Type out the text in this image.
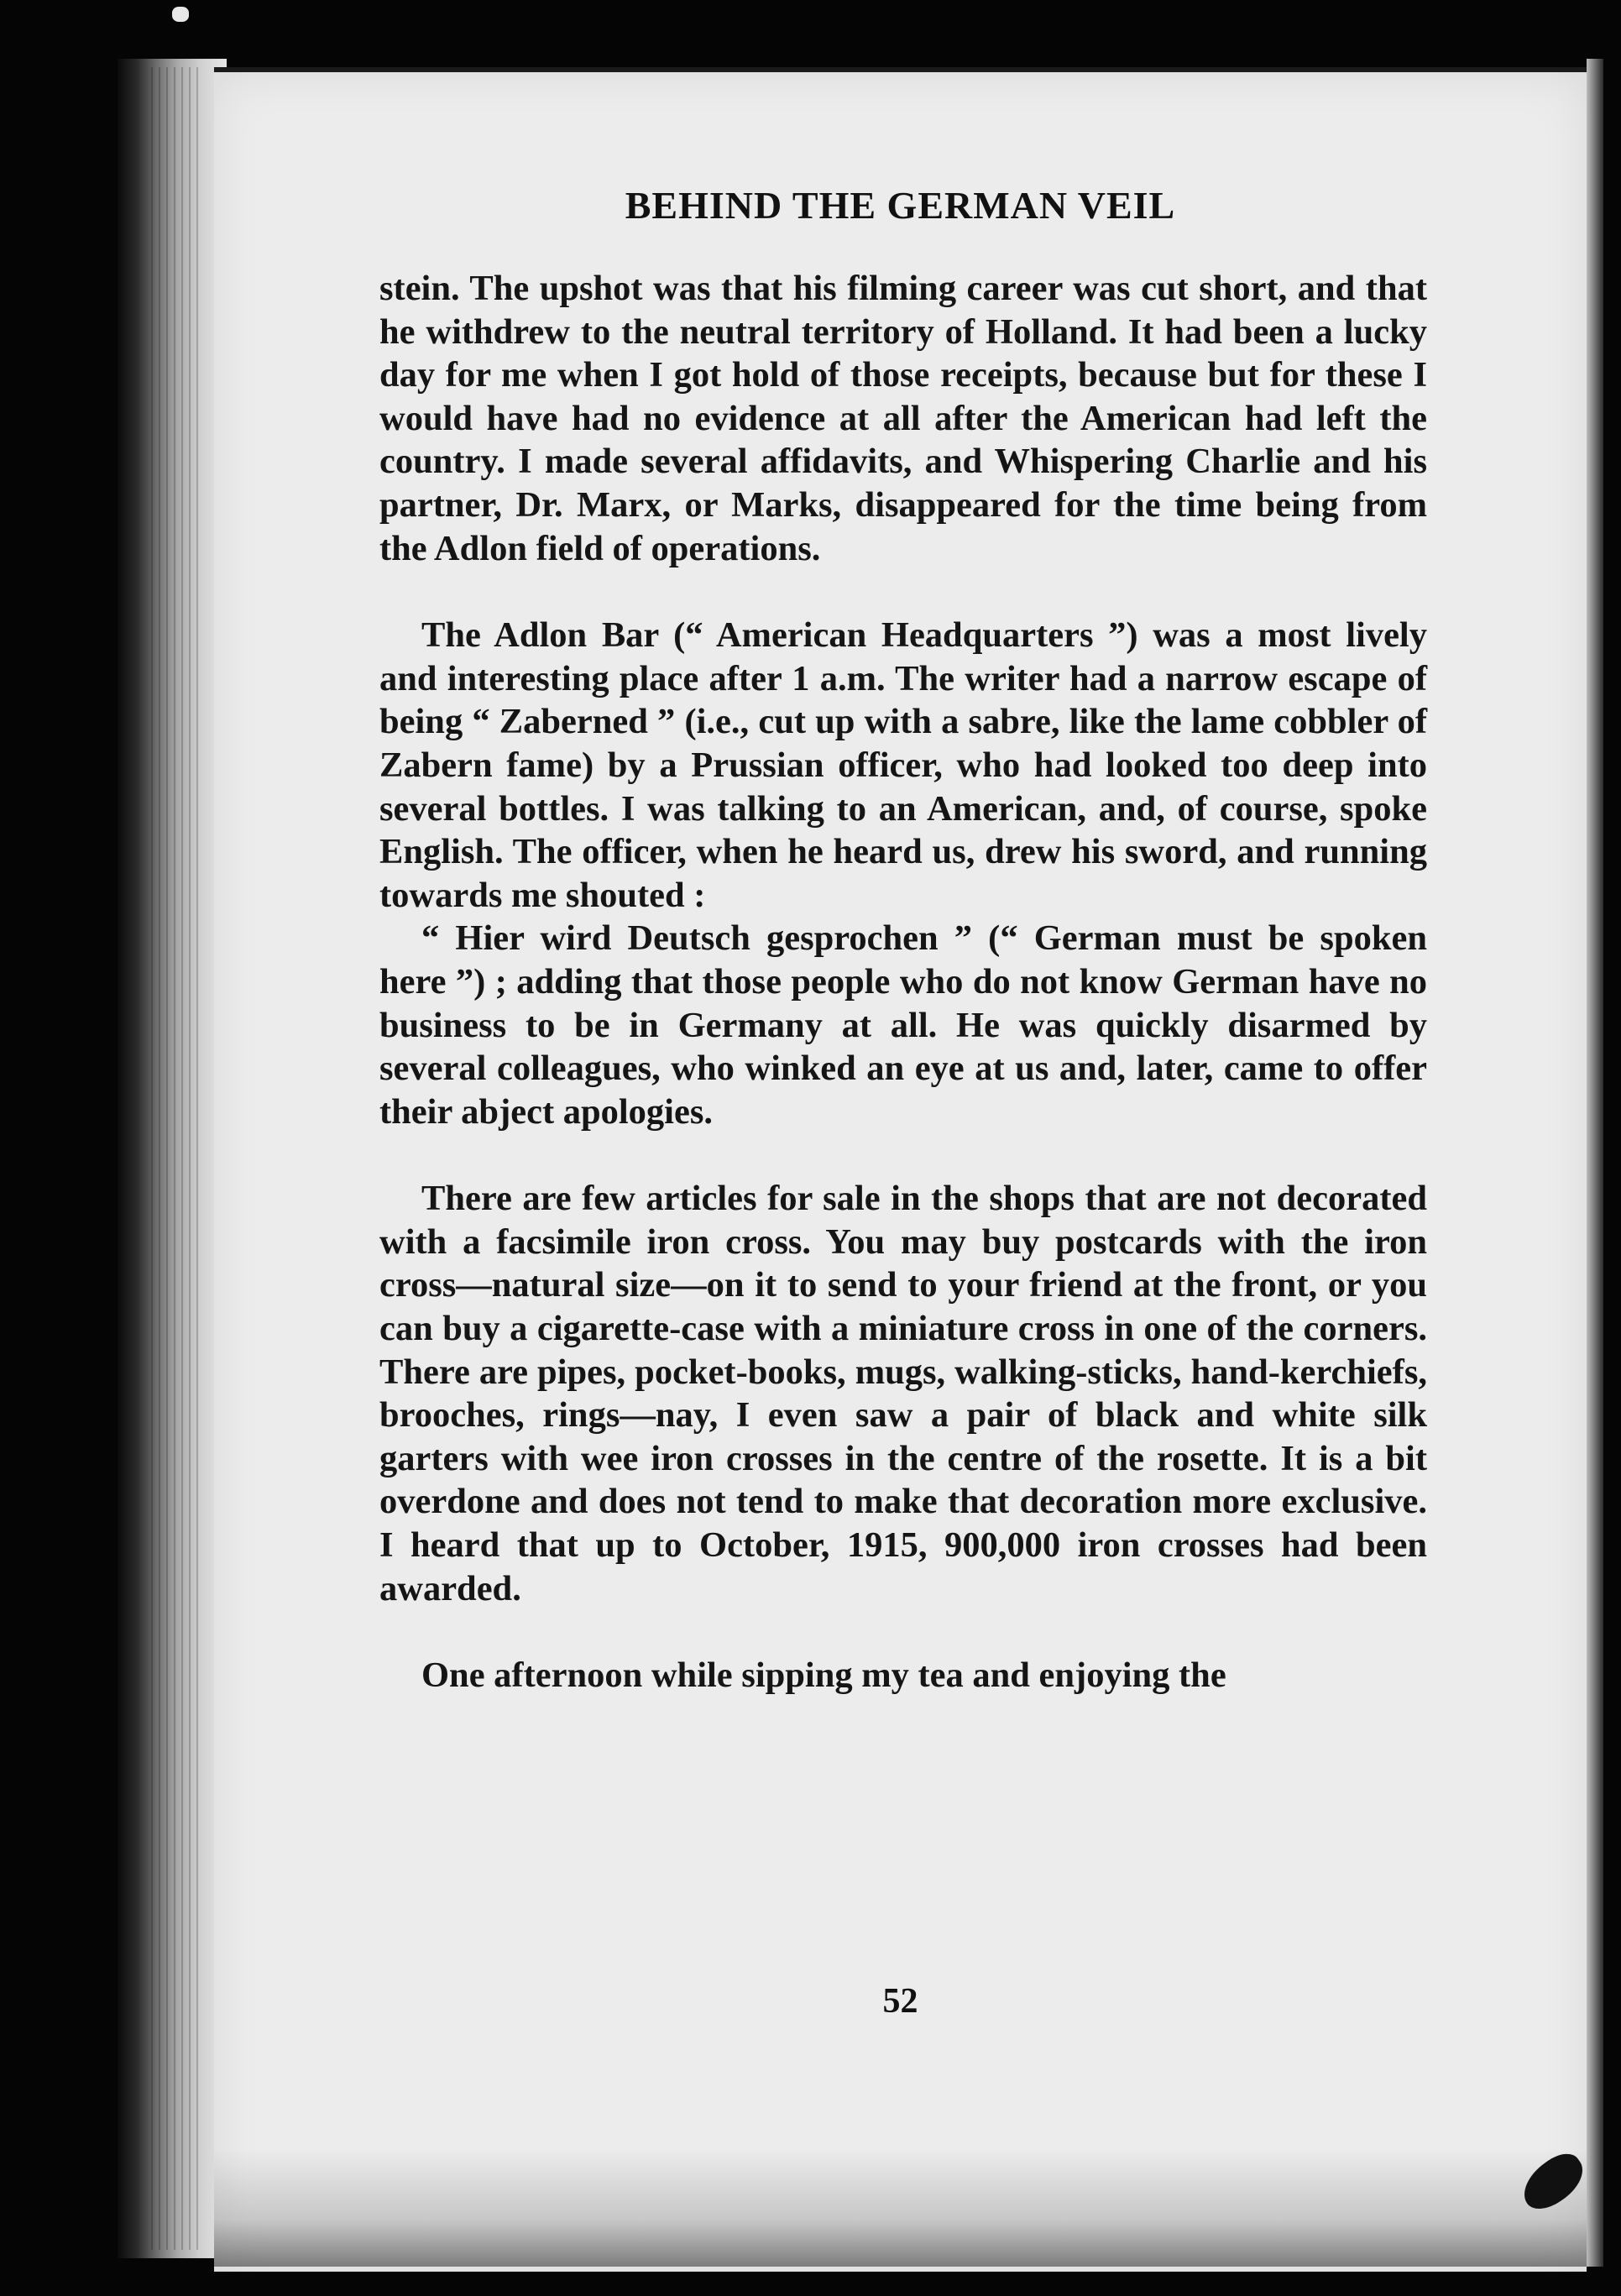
BEHIND THE GERMAN VEIL

stein. The upshot was that his filming career was cut short, and that he withdrew to the neutral territory of Holland. It had been a lucky day for me when I got hold of those receipts, because but for these I would have had no evidence at all after the American had left the country. I made several affidavits, and Whispering Charlie and his partner, Dr. Marx, or Marks, disappeared for the time being from the Adlon field of operations.

The Adlon Bar (“ American Headquarters ”) was a most lively and interesting place after 1 a.m. The writer had a narrow escape of being “ Zaberned ” (i.e., cut up with a sabre, like the lame cobbler of Zabern fame) by a Prussian officer, who had looked too deep into several bottles. I was talking to an American, and, of course, spoke English. The officer, when he heard us, drew his sword, and running towards me shouted :

“ Hier wird Deutsch gesprochen ” (“ German must be spoken here ”) ; adding that those people who do not know German have no business to be in Germany at all. He was quickly disarmed by several colleagues, who winked an eye at us and, later, came to offer their abject apologies.

There are few articles for sale in the shops that are not decorated with a facsimile iron cross. You may buy postcards with the iron cross—natural size—on it to send to your friend at the front, or you can buy a cigarette-case with a miniature cross in one of the corners. There are pipes, pocket-books, mugs, walking-sticks, hand-kerchiefs, brooches, rings—nay, I even saw a pair of black and white silk garters with wee iron crosses in the centre of the rosette. It is a bit overdone and does not tend to make that decoration more exclusive. I heard that up to October, 1915, 900,000 iron crosses had been awarded.

One afternoon while sipping my tea and enjoying the

52
